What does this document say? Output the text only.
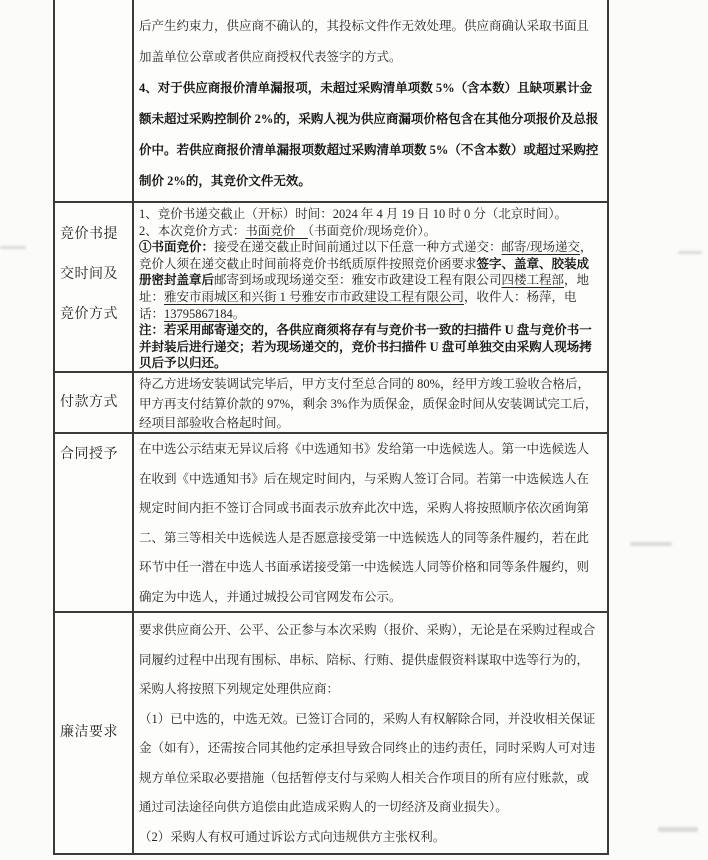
后产生约束力，供应商不确认的，其投标文件作无效处理。供应商确认采取书面且加盖单位公章或者供应商授权代表签字的方式。
4、对于供应商报价清单漏报项，未超过采购清单项数 5%（含本数）且缺项累计金额未超过采购控制价 2%的，采购人视为供应商漏项价格包含在其他分项报价及总报价中。若供应商报价清单漏报项数超过采购清单项数 5%（不含本数）或超过采购控制价 2%的，其竞价文件无效。
竞价书提交时间及竞价方式
1、竞价书递交截止（开标）时间：2024 年 4 月 19 日 10 时 0 分（北京时间）。
2、本次竞价方式：书面竞价　（书面竞价/现场竞价）。
①书面竞价：接受在递交截止时间前通过以下任意一种方式递交：邮寄/现场递交，竞价人须在递交截止时间前将竞价书纸质原件按照竞价函要求签字、盖章、胶装成册密封盖章后邮寄到场或现场递交至：雅安市政建设工程有限公司四楼工程部，地址：雅安市雨城区和兴街 1 号雅安市市政建设工程有限公司，收件人：杨萍，电话：13795867184。
注：若采用邮寄递交的，各供应商须将存有与竞价书一致的扫描件 U 盘与竞价书一并封装后进行递交；若为现场递交的，竞价书扫描件 U 盘可单独交由采购人现场拷贝后予以归还。
付款方式
待乙方进场安装调试完毕后，甲方支付至总合同的 80%，经甲方竣工验收合格后，甲方再支付结算价款的 97%，剩余 3%作为质保金，质保金时间从安装调试完工后，经项目部验收合格起时间。
合同授予	在中选公示结束无异议后将《中选通知书》发给第一中选候选人。第一中选候选人在收到《中选通知书》后在规定时间内，与采购人签订合同。若第一中选候选人在规定时间内拒不签订合同或书面表示放弃此次中选，采购人将按照顺序依次函询第二、第三等相关中选候选人是否愿意接受第一中选候选人的同等条件履约，若在此环节中任一潜在中选人书面承诺接受第一中选候选人同等价格和同等条件履约，则确定为中选人，并通过城投公司官网发布公示。
廉洁要求
要求供应商公开、公平、公正参与本次采购（报价、采购），无论是在采购过程或合同履约过程中出现有围标、串标、陪标、行贿、提供虚假资料谋取中选等行为的，采购人将按照下列规定处理供应商：
（1）已中选的，中选无效。已签订合同的，采购人有权解除合同，并没收相关保证金（如有），还需按合同其他约定承担导致合同终止的违约责任，同时采购人可对违规方单位采取必要措施（包括暂停支付与采购人相关合作项目的所有应付账款，或通过司法途径向供方追偿由此造成采购人的一切经济及商业损失）。
（2）采购人有权可通过诉讼方式向违规供方主张权利。
